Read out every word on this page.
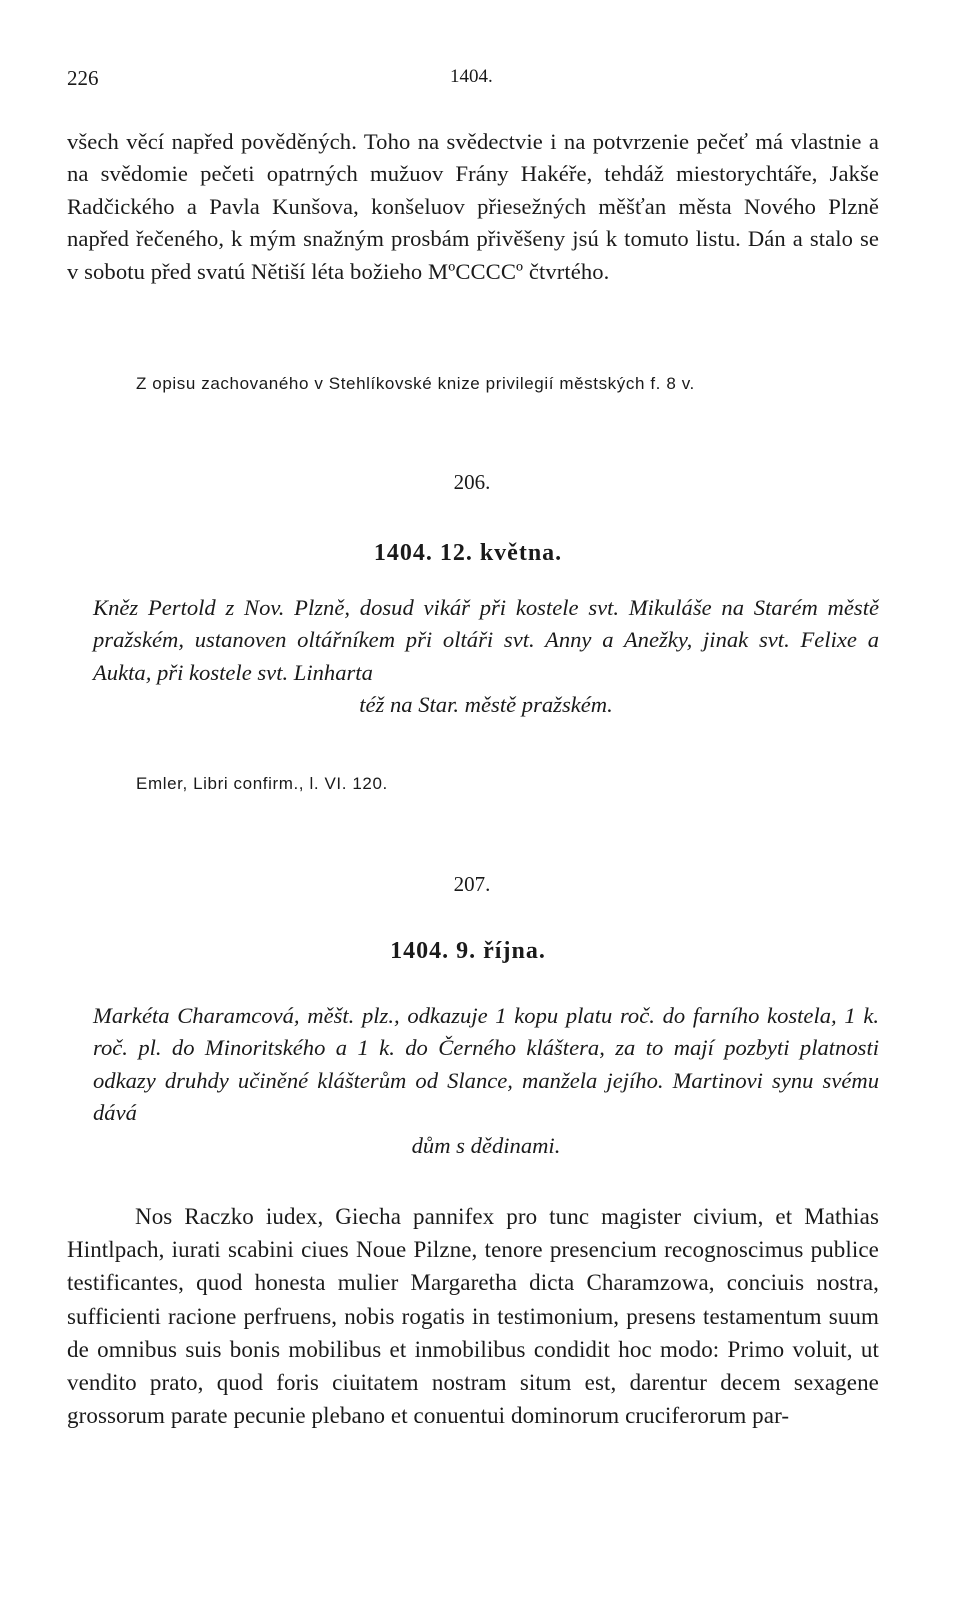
226	1404.

všech věcí napřed pověděných. Toho na svědectvie i na potvrzenie pečeť má vlastnie a na svědomie pečeti opatrných mužuov Frány Hakéře, tehdáž miestorychtáře, Jakše Radčického a Pavla Kunšova, konšeluov přiesežných měšťan města Nového Plzně napřed řečeného, k mým snažným prosbám přivěšeny jsú k tomuto listu. Dán a stalo se v sobotu před svatú Nětiší léta božieho MºCCCCº čtvrtého.

Z opisu zachovaného v Stehlíkovské knize privilegií městských f. 8 v.
206.
1404. 12. května.

Kněz Pertold z Nov. Plzně, dosud vikář při kostele svt. Mikuláše na Starém městě pražském, ustanoven oltářníkem při oltáři svt. Anny a Anežky, jinak svt. Felixe a Aukta, při kostele svt. Linharta
též na Star. městě pražském.

Emler, Libri confirm., l. VI. 120.
207.
1404. 9. října.

Markéta Charamcová, měšt. plz., odkazuje 1 kopu platu roč. do farního kostela, 1 k. roč. pl. do Minoritského a 1 k. do Černého kláštera, za to mají pozbyti platnosti odkazy druhdy učiněné klášterům od Slance, manžela jejího. Martinovi synu svému dává
dům s dědinami.

Nos Raczko iudex, Giecha pannifex pro tunc magister civium, et Mathias Hintlpach, iurati scabini ciues Noue Pilzne, tenore presencium recognoscimus publice testificantes, quod honesta mulier Margaretha dicta Charamzowa, conciuis nostra, sufficienti racione perfruens, nobis rogatis in testimonium, presens testamentum suum de omnibus suis bonis mobilibus et inmobilibus condidit hoc modo: Primo voluit, ut vendito prato, quod foris ciuitatem nostram situm est, darentur decem sexagene grossorum parate pecunie plebano et conuentui dominorum cruciferorum par-
